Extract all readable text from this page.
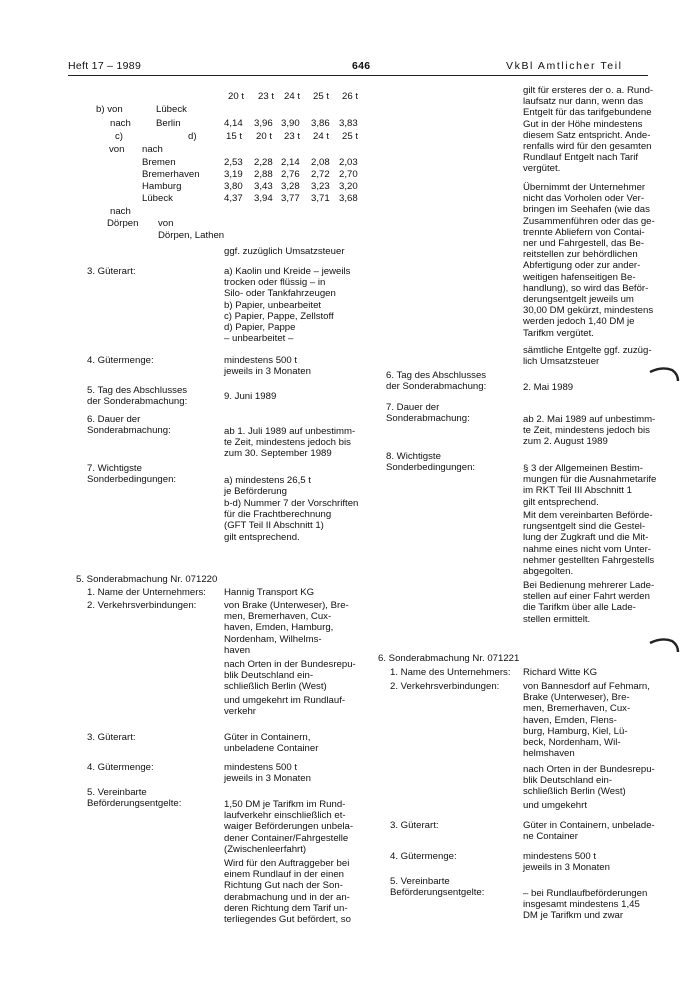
Heft 17 – 1989	646	VkBl Amtlicher Teil
20 t 23 t 24 t 25 t 26 t
b) von	Lübeck
nach	Berlin	4,14 3,96 3,90 3,86 3,83
c)	d)	15 t 20 t 23 t 24 t 25 t
von nach
Bremen	2,53 2,28 2,14 2,08 2,03
Bremerhaven	3,19 2,88 2,76 2,72 2,70
Hamburg	3,80 3,43 3,28 3,23 3,20
Lübeck	4,37 3,94 3,77 3,71 3,68
nach
Dörpen von
Dörpen, Lathen
ggf. zuzüglich Umsatzsteuer
3. Güterart:	a) Kaolin und Kreide – jeweils
trocken oder flüssig – in
Silo- oder Tankfahrzeugen
b) Papier, unbearbeitet
c) Papier, Pappe, Zellstoff
d) Papier, Pappe
– unbearbeitet –
4. Gütermenge:	mindestens 500 t
jeweils in 3 Monaten
5. Tag des Abschlusses
der Sonderabmachung:	9. Juni 1989
6. Dauer der
Sonderabmachung:	ab 1. Juli 1989 auf unbestimm-
te Zeit, mindestens jedoch bis
zum 30. September 1989
7. Wichtigste
Sonderbedingungen:	a) mindestens 26,5 t
je Beförderung
b-d) Nummer 7 der Vorschriften
für die Frachtberechnung
(GFT Teil II Abschnitt 1)
gilt entsprechend.
5. Sonderabmachung Nr. 071220
1. Name der Unternehmers: Hannig Transport KG
2. Verkehrsverbindungen:	von Brake (Unterweser), Bre-
men, Bremerhaven, Cux-
haven, Emden, Hamburg,
Nordenham, Wilhelms-
haven
nach Orten in der Bundesrepu-
blik Deutschland ein-
schließlich Berlin (West)
und umgekehrt im Rundlauf-
verkehr
3. Güterart:	Güter in Containern,
unbeladene Container
4. Gütermenge:	mindestens 500 t
jeweils in 3 Monaten
5. Vereinbarte
Beförderungsentgelte:	1,50 DM je Tarifkm im Rund-
laufverkehr einschließlich et-
waiger Beförderungen unbela-
dener Container/Fahrgestelle
(Zwischenleerfahrt)
Wird für den Auftraggeber bei
einem Rundlauf in der einen
Richtung Gut nach der Son-
derabmachung und in der an-
deren Richtung dem Tarif un-
terliegendes Gut befördert, so
gilt für ersteres der o. a. Rund-
laufsatz nur dann, wenn das
Entgelt für das tarifgebundene
Gut in der Höhe mindestens
diesem Satz entspricht. Ande-
renfalls wird für den gesamten
Rundlauf Entgelt nach Tarif
vergütet.
Übernimmt der Unternehmer
nicht das Vorholen oder Ver-
bringen im Seehafen (wie das
Zusammenführen oder das ge-
trennte Abliefern von Contai-
ner und Fahrgestell, das Be-
reitstellen zur behördlichen
Abfertigung oder zur ander-
weitigen hafenseitigen Be-
handlung), so wird das Beför-
derungsentgelt jeweils um
30,00 DM gekürzt, mindestens
werden jedoch 1,40 DM je
Tarifkm vergütet.
sämtliche Entgelte ggf. zuzüg-
lich Umsatzsteuer
6. Tag des Abschlusses
der Sonderabmachung:	2. Mai 1989
7. Dauer der
Sonderabmachung:	ab 2. Mai 1989 auf unbestimm-
te Zeit, mindestens jedoch bis
zum 2. August 1989
8. Wichtigste
Sonderbedingungen:	§ 3 der Allgemeinen Bestim-
mungen für die Ausnahmetarife
im RKT Teil III Abschnitt 1
gilt entsprechend.
Mit dem vereinbarten Beförde-
rungsentgelt sind die Gestel-
lung der Zugkraft und die Mit-
nahme eines nicht vom Unter-
nehmer gestellten Fahrgestells
abgegolten.
Bei Bedienung mehrerer Lade-
stellen auf einer Fahrt werden
die Tarifkm über alle Lade-
stellen ermittelt.
6. Sonderabmachung Nr. 071221
1. Name des Unternehmers: Richard Witte KG
2. Verkehrsverbindungen: von Bannesdorf auf Fehmarn,
Brake (Unterweser), Bre-
men, Bremerhaven, Cux-
haven, Emden, Flens-
burg, Hamburg, Kiel, Lü-
beck, Nordenham, Wil-
helmshaven
nach Orten in der Bundesrepu-
blik Deutschland ein-
schließlich Berlin (West)
und umgekehrt
3. Güterart:	Güter in Containern, unbelade-
ne Container
4. Gütermenge:	mindestens 500 t
jeweils in 3 Monaten
5. Vereinbarte
Beförderungsentgelte:	– bei Rundlaufbeförderungen
insgesamt mindestens 1,45
DM je Tarifkm und zwar
